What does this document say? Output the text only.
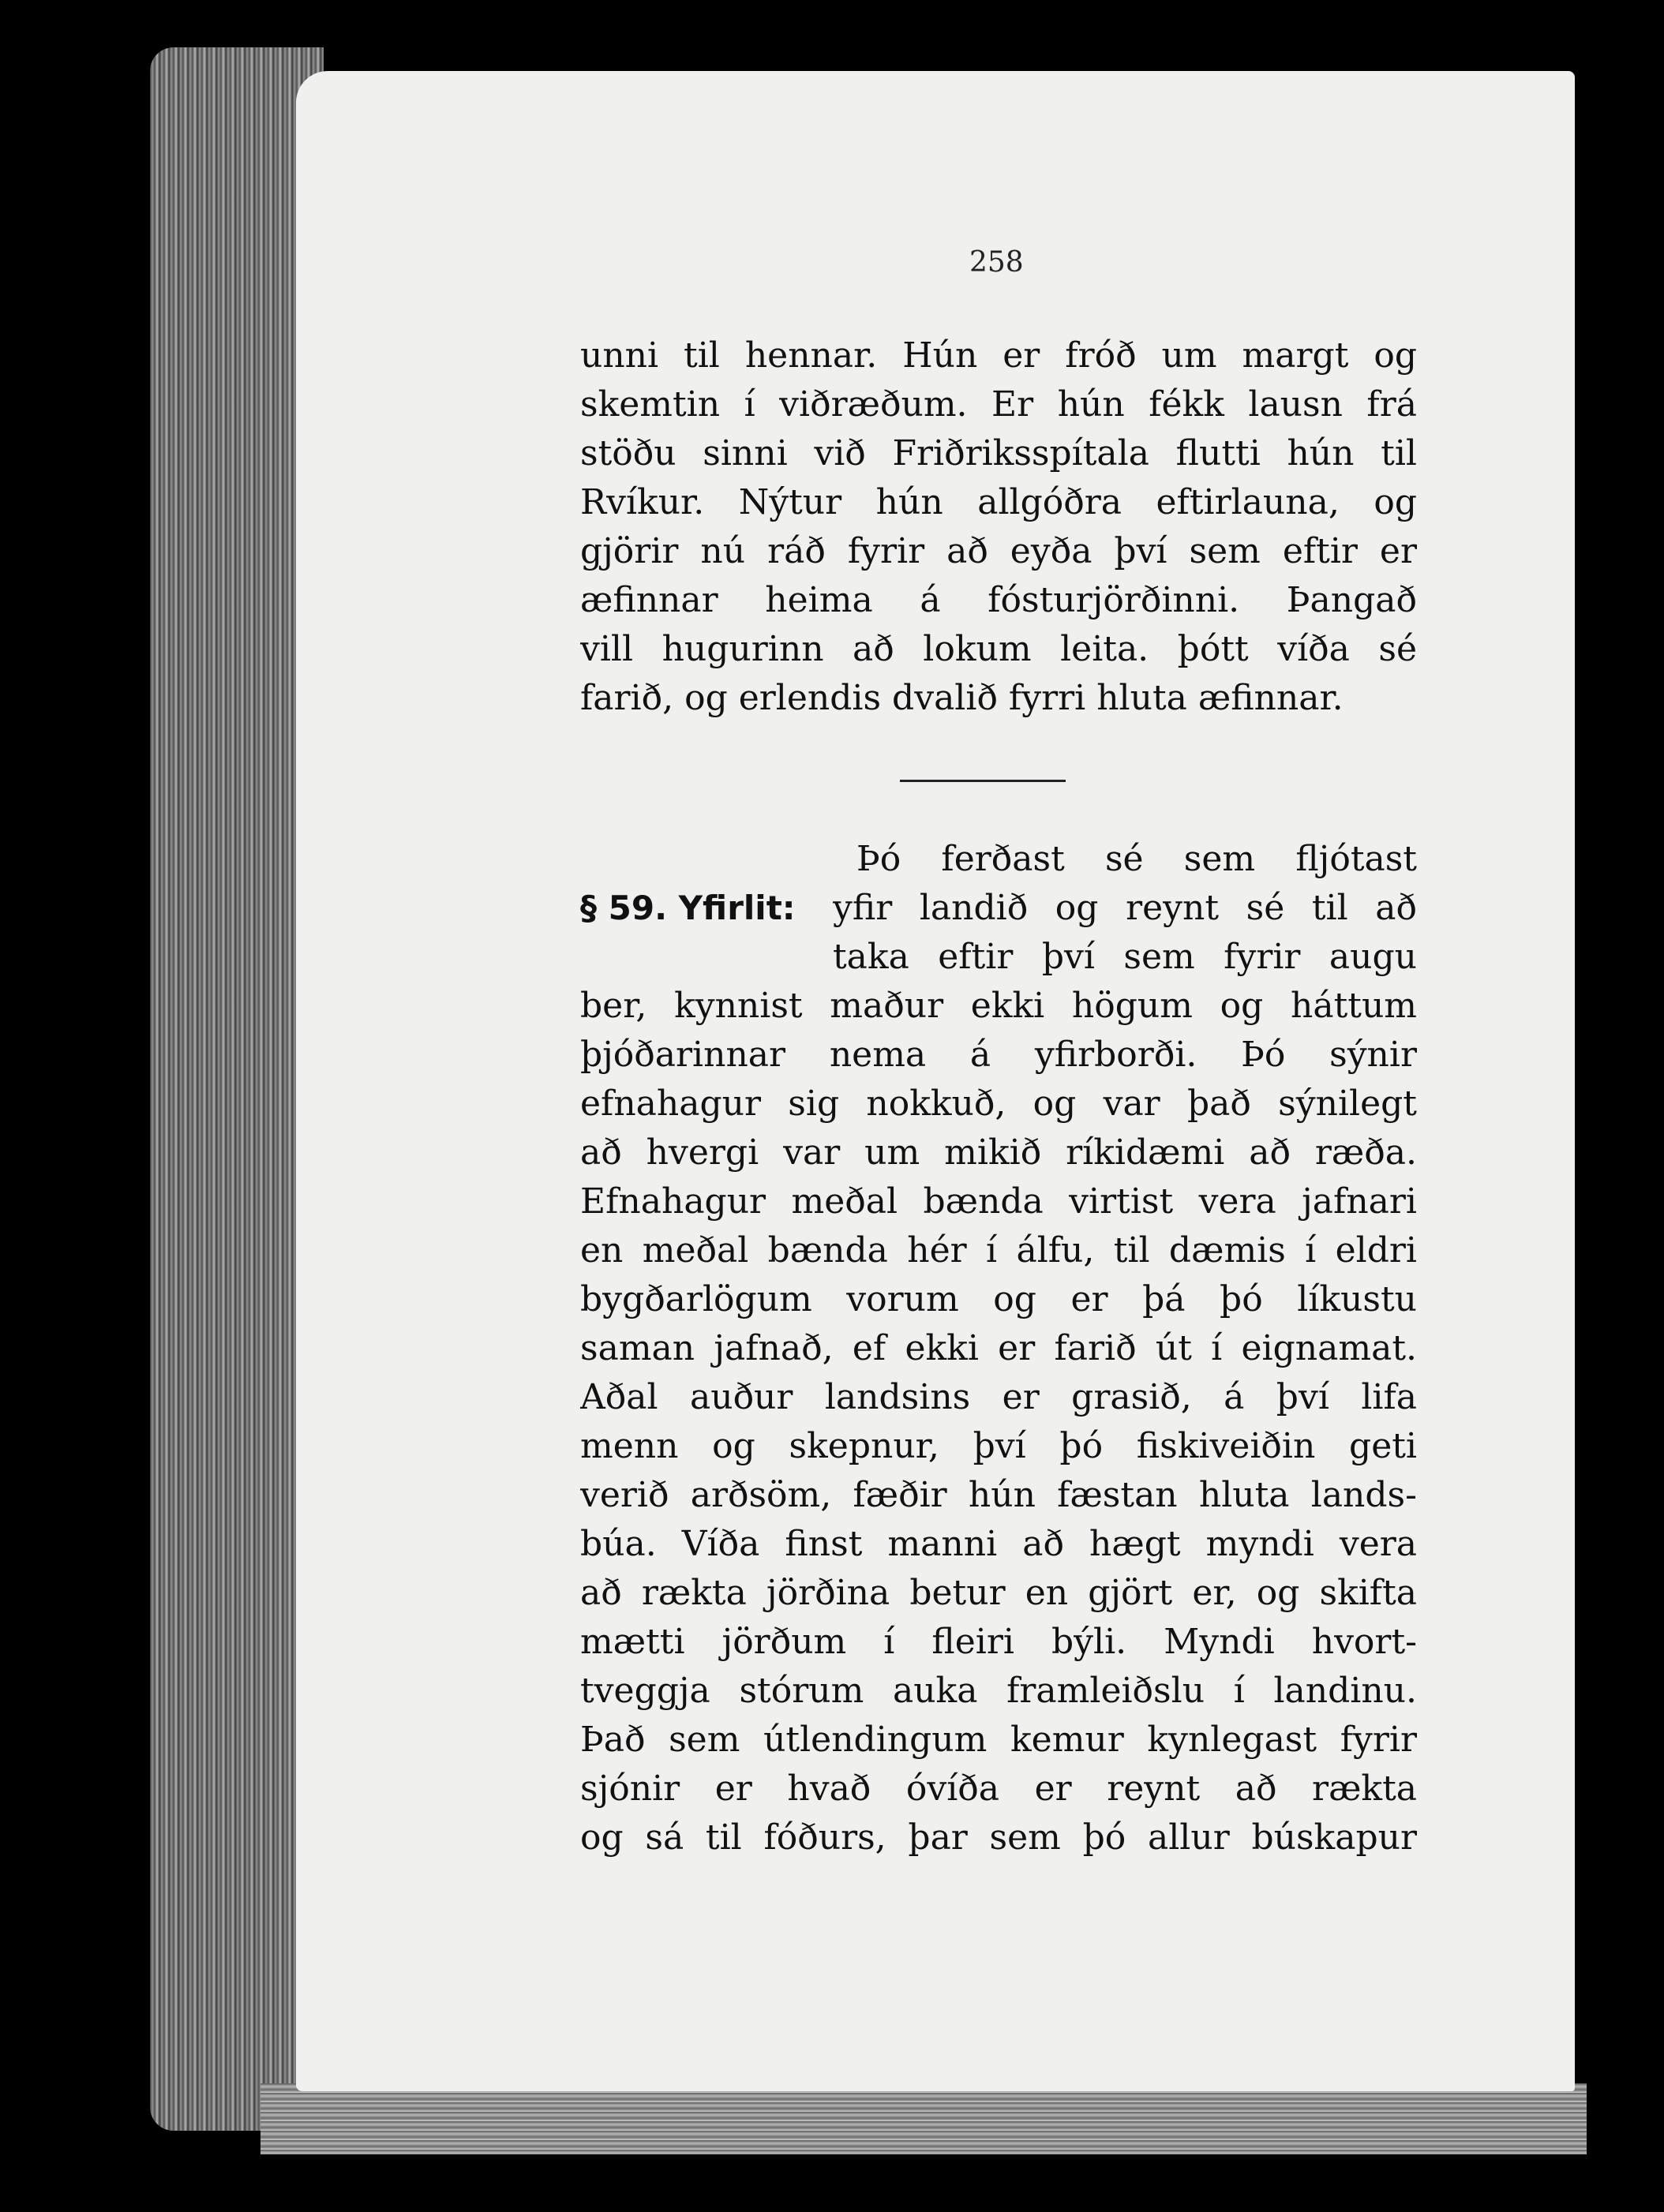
258
unni til hennar. Hún er fróð um margt og
skemtin í viðræðum. Er hún fékk lausn frá
stöðu sinni við Friðriksspítala flutti hún til
Rvíkur. Nýtur hún allgóðra eftirlauna, og
gjörir nú ráð fyrir að eyða því sem eftir er
æfinnar heima á fósturjörðinni. Þangað
vill hugurinn að lokum leita. þótt víða sé
farið, og erlendis dvalið fyrri hluta æfinnar.
§ 59. Yfirlit:
Þó ferðast sé sem fljótast
yfir landið og reynt sé til að
taka eftir því sem fyrir augu
ber, kynnist maður ekki högum og háttum
þjóðarinnar nema á yfirborði. Þó sýnir
efnahagur sig nokkuð, og var það sýnilegt
að hvergi var um mikið ríkidæmi að ræða.
Efnahagur meðal bænda virtist vera jafnari
en meðal bænda hér í álfu, til dæmis í eldri
bygðarlögum vorum og er þá þó líkustu
saman jafnað, ef ekki er farið út í eignamat.
Aðal auður landsins er grasið, á því lifa
menn og skepnur, því þó fiskiveiðin geti
verið arðsöm, fæðir hún fæstan hluta lands-
búa. Víða finst manni að hægt myndi vera
að rækta jörðina betur en gjört er, og skifta
mætti jörðum í fleiri býli. Myndi hvort-
tveggja stórum auka framleiðslu í landinu.
Það sem útlendingum kemur kynlegast fyrir
sjónir er hvað óvíða er reynt að rækta
og sá til fóðurs, þar sem þó allur búskapur
